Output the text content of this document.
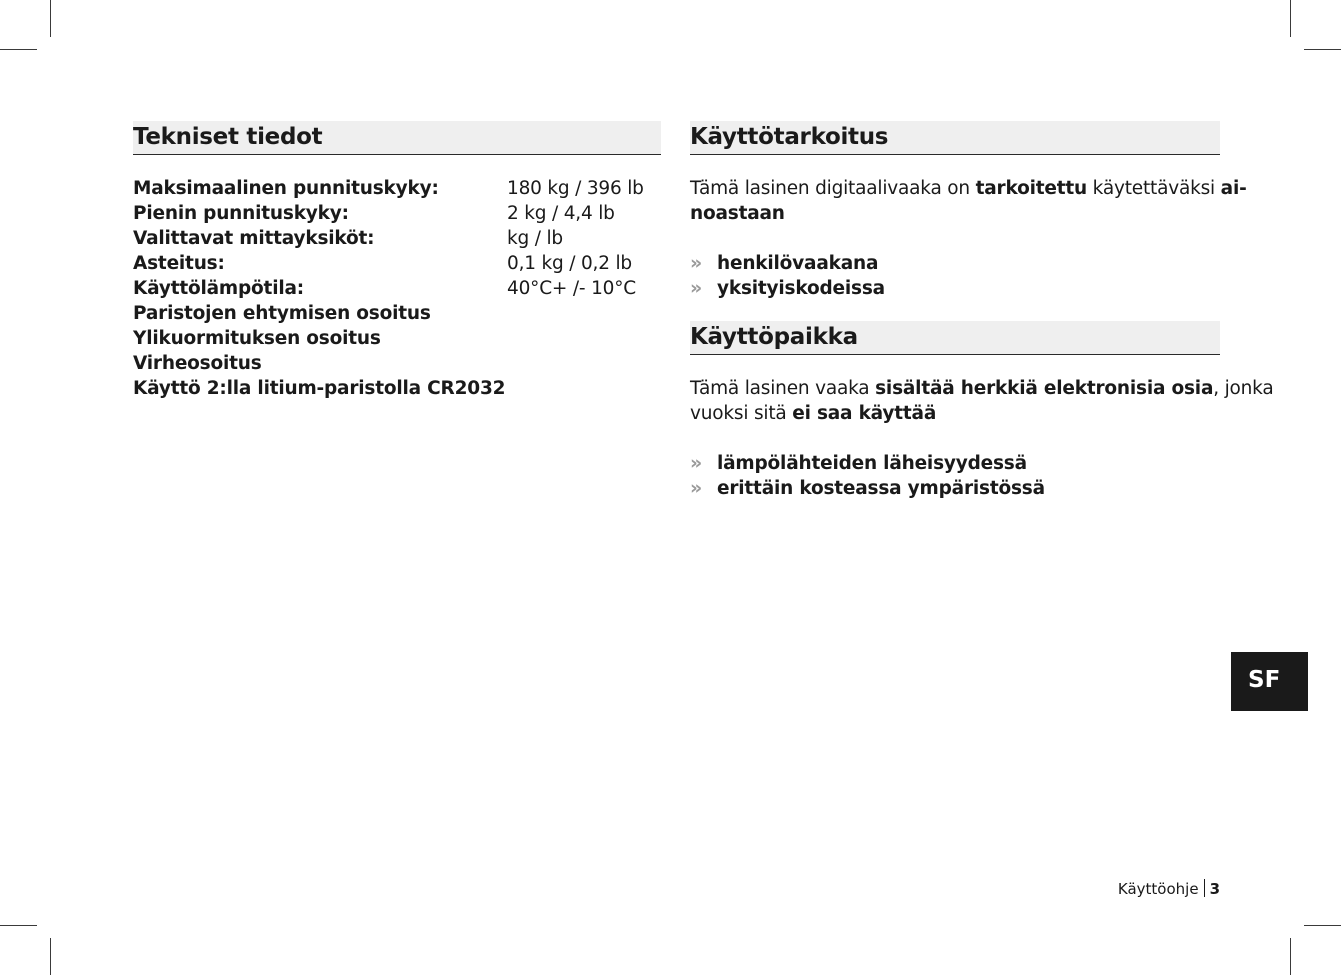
Tekniset tiedot
Maksimaalinen punnituskyky:	180 kg / 396 lb
Pienin punnituskyky:	2 kg / 4,4 lb
Valittavat mittayksiköt:	kg / lb
Asteitus:	0,1 kg / 0,2 lb
Käyttölämpötila:	40°C+ /- 10°C
Paristojen ehtymisen osoitus
Ylikuormituksen osoitus
Virheosoitus
Käyttö 2:lla litium-paristolla CR2032
Käyttötarkoitus
Tämä lasinen digitaalivaaka on tarkoitettu käytettäväksi ai-
noastaan
» henkilövaakana
» yksityiskodeissa
Käyttöpaikka
Tämä lasinen vaaka sisältää herkkiä elektronisia osia, jonka
vuoksi sitä ei saa käyttää
» lämpölähteiden läheisyydessä
» erittäin kosteassa ympäristössä
SF
Käyttöohje 3
